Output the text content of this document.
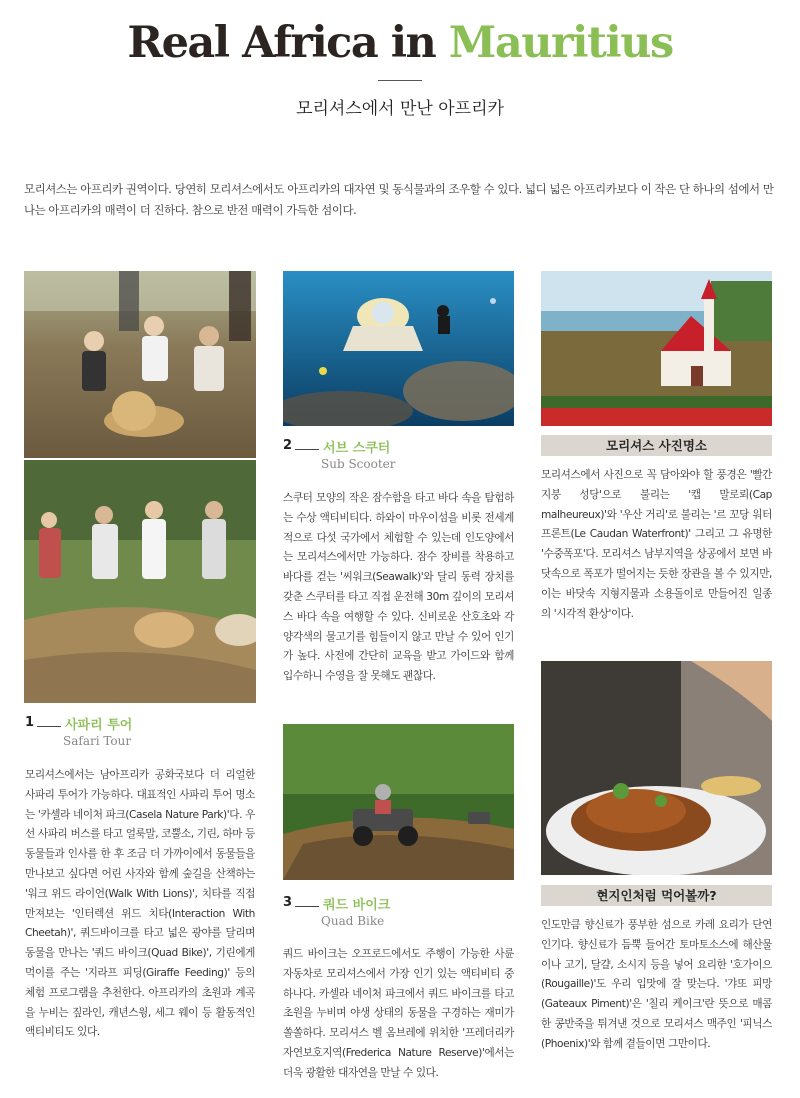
Real Africa in Mauritius
모리셔스에서 만난 아프리카

모리셔스는 아프리카 권역이다. 당연히 모리셔스에서도 아프리카의 대자연 및 동식물과의 조우할 수 있다. 넓디 넓은 아프리카보다 이 작은 단 하나의 섬에서 만나는 아프리카의 매력이 더 진하다. 참으로 반전 매력이 가득한 섬이다.

1 사파리 투어
Safari Tour

모리셔스에서는 남아프리카 공화국보다 더 리얼한 사파리 투어가 가능하다. 대표적인 사파리 투어 명소는 '카셀라 네이처 파크(Casela Nature Park)'다. 우선 사파리 버스를 타고 얼룩말, 코뿔소, 기린, 하마 등 동물들과 인사를 한 후 조금 더 가까이에서 동물들을 만나보고 싶다면 어린 사자와 함께 숲길을 산책하는 '워크 위드 라이언(Walk With Lions)', 치타를 직접 만져보는 '인터렉션 위드 치타(Interaction With Cheetah)', 쿼드바이크를 타고 넓은 광야를 달리며 동물을 만나는 '쿼드 바이크(Quad Bike)', 기린에게 먹이를 주는 '지라프 피딩(Giraffe Feeding)' 등의 체험 프로그램을 추천한다. 아프리카의 초원과 계곡을 누비는 짚라인, 캐년스윙, 세그 웨이 등 활동적인 액티비티도 있다.

2 서브 스쿠터
Sub Scooter

스쿠터 모양의 작은 잠수함을 타고 바다 속을 탐험하는 수상 액티비티다. 하와이 마우이섬을 비롯 전세계적으로 다섯 국가에서 체험할 수 있는데 인도양에서는 모리셔스에서만 가능하다. 잠수 장비를 착용하고 바다를 걷는 '씨워크(Seawalk)'와 달리 동력 장치를 갖춘 스쿠터를 타고 직접 운전해 30m 깊이의 모리셔스 바다 속을 여행할 수 있다. 신비로운 산호초와 각양각색의 물고기를 힘들이지 않고 만날 수 있어 인기가 높다. 사전에 간단히 교육을 받고 가이드와 함께 입수하니 수영을 잘 못해도 괜찮다.

3 쿼드 바이크
Quad Bike

쿼드 바이크는 오프로드에서도 주행이 가능한 사륜자동차로 모리셔스에서 가장 인기 있는 액티비티 중 하나다. 카셀라 네이처 파크에서 쿼드 바이크를 타고 초원을 누비며 야생 상태의 동물을 구경하는 재미가 쏠쏠하다. 모리셔스 벨 옴브레에 위치한 '프레더리카 자연보호지역(Frederica Nature Reserve)'에서는 더욱 광활한 대자연을 만날 수 있다.

모리셔스 사진명소

모리셔스에서 사진으로 꼭 담아와야 할 풍경은 '빨간 지붕 성당'으로 불리는 '캡 말로뢰(Cap malheureux)'와 '우산 거리'로 불리는 '르 꼬당 워터프론트(Le Caudan Waterfront)' 그리고 그 유명한 '수중폭포'다. 모리셔스 남부지역을 상공에서 보면 바닷속으로 폭포가 떨어지는 듯한 장관을 볼 수 있지만, 이는 바닷속 지형지물과 소용돌이로 만들어진 일종의 '시각적 환상'이다.

현지인처럼 먹어볼까?

인도만큼 향신료가 풍부한 섬으로 카레 요리가 단연 인기다. 향신료가 듬뿍 들어간 토마토소스에 해산물이나 고기, 달걀, 소시지 등을 넣어 요리한 '호가이으(Rougaille)'도 우리 입맛에 잘 맞는다. '갸또 피망(Gateaux Piment)'은 '칠리 케이크'란 뜻으로 매콤한 콩반죽을 튀겨낸 것으로 모리셔스 맥주인 '피닉스(Phoenix)'와 함께 곁들이면 그만이다.
